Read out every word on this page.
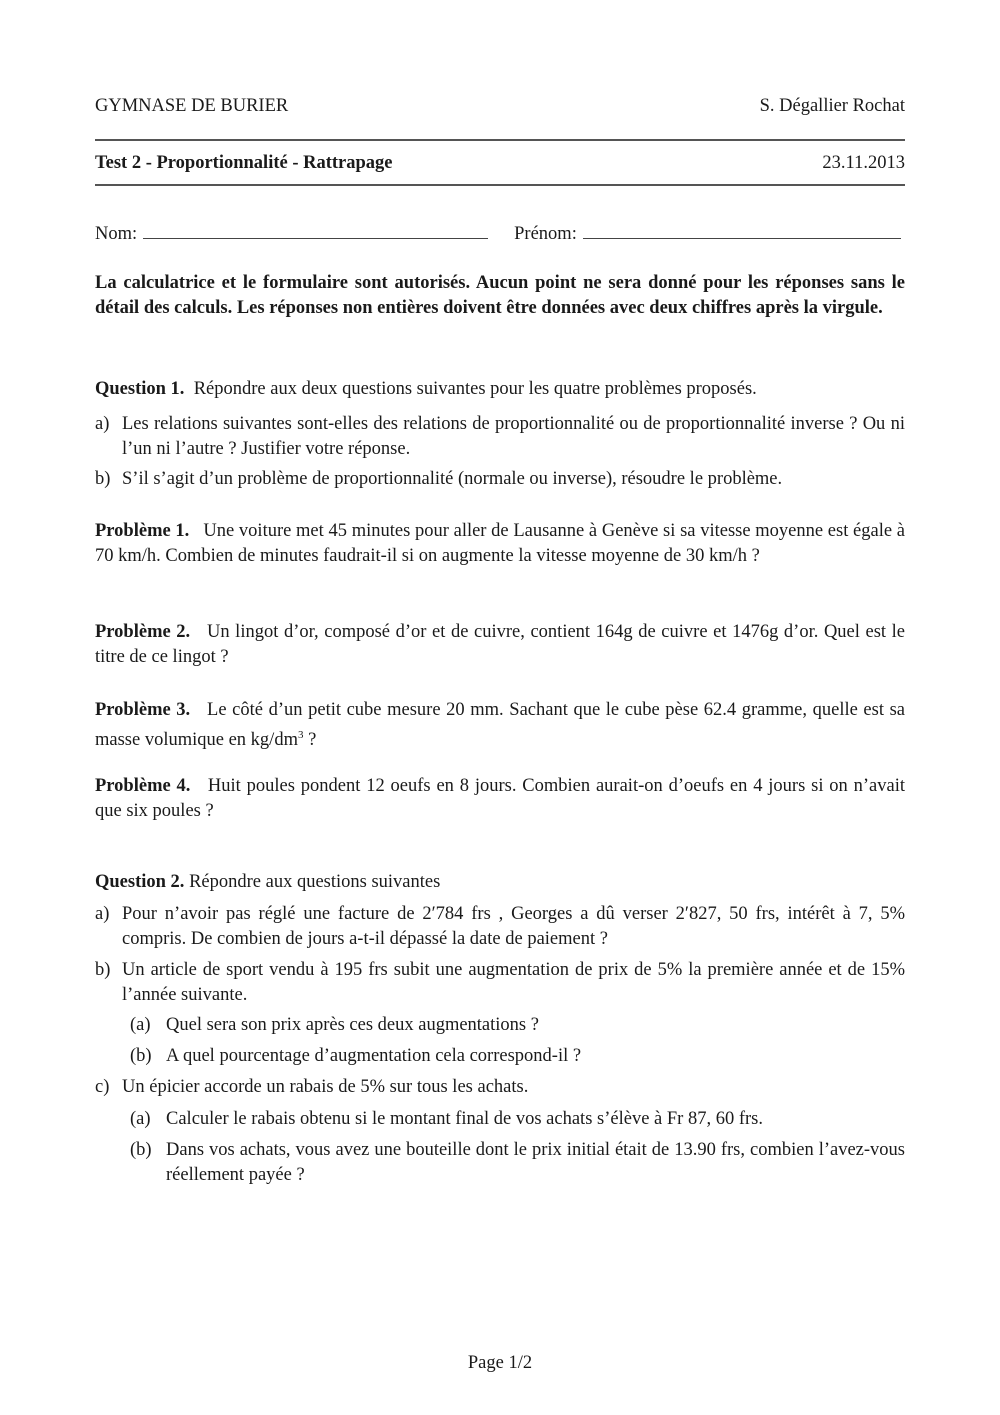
GYMNASE DE BURIER	S. Dégallier Rochat
Test 2 - Proportionnalité - Rattrapage	23.11.2013
Nom:	Prénom:
La calculatrice et le formulaire sont autorisés. Aucun point ne sera donné pour les réponses sans le détail des calculs. Les réponses non entières doivent être données avec deux chiffres après la virgule.
Question 1. Répondre aux deux questions suivantes pour les quatre problèmes proposés.
a) Les relations suivantes sont-elles des relations de proportionnalité ou de proportionnalité inverse ? Ou ni l’un ni l’autre ? Justifier votre réponse.
b) S’il s’agit d’un problème de proportionnalité (normale ou inverse), résoudre le problème.
Problème 1. Une voiture met 45 minutes pour aller de Lausanne à Genève si sa vitesse moyenne est égale à 70 km/h. Combien de minutes faudrait-il si on augmente la vitesse moyenne de 30 km/h ?
Problème 2. Un lingot d’or, composé d’or et de cuivre, contient 164g de cuivre et 1476g d’or. Quel est le titre de ce lingot ?
Problème 3. Le côté d’un petit cube mesure 20 mm. Sachant que le cube pèse 62.4 gramme, quelle est sa masse volumique en $kg/dm^3$ ?
Problème 4. Huit poules pondent 12 oeufs en 8 jours. Combien aurait-on d’oeufs en 4 jours si on n’avait que six poules ?
Question 2. Répondre aux questions suivantes
a) Pour n’avoir pas réglé une facture de 2′784 frs , Georges a dû verser 2′827, 50 frs, intérêt à 7, 5% compris. De combien de jours a-t-il dépassé la date de paiement ?
b) Un article de sport vendu à 195 frs subit une augmentation de prix de 5% la première année et de 15% l’année suivante.
(a) Quel sera son prix après ces deux augmentations ?
(b) A quel pourcentage d’augmentation cela correspond-il ?
c) Un épicier accorde un rabais de 5% sur tous les achats.
(a) Calculer le rabais obtenu si le montant final de vos achats s’élève à Fr 87, 60 frs.
(b) Dans vos achats, vous avez une bouteille dont le prix initial était de 13.90 frs, combien l’avez-vous réellement payée ?
Page 1/2
